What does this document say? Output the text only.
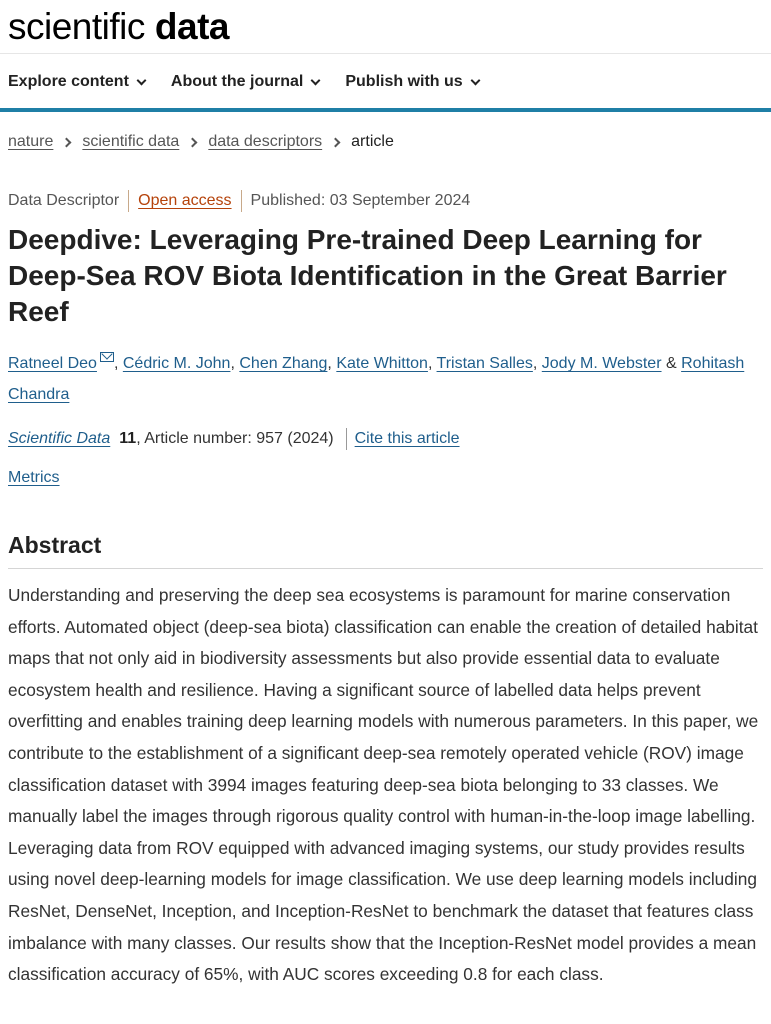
scientific data
Explore content	About the journal	Publish with us
nature scientific data data descriptors article
Data Descriptor Open access Published: 03 September 2024
Deepdive: Leveraging Pre-trained Deep Learning for Deep-Sea ROV Biota Identification in the Great Barrier Reef
Ratneel Deo , Cédric M. John, Chen Zhang, Kate Whitton, Tristan Salles, Jody M. Webster & Rohitash Chandra
Scientific Data 11 , Article number: 957 (2024) Cite this article
Metrics
Abstract

Understanding and preserving the deep sea ecosystems is paramount for marine conservation efforts. Automated object (deep-sea biota) classification can enable the creation of detailed habitat maps that not only aid in biodiversity assessments but also provide essential data to evaluate ecosystem health and resilience. Having a significant source of labelled data helps prevent overfitting and enables training deep learning models with numerous parameters. In this paper, we contribute to the establishment of a significant deep-sea remotely operated vehicle (ROV) image classification dataset with 3994 images featuring deep-sea biota belonging to 33 classes. We manually label the images through rigorous quality control with human-in-the-loop image labelling. Leveraging data from ROV equipped with advanced imaging systems, our study provides results using novel deep-learning models for image classification. We use deep learning models including ResNet, DenseNet, Inception, and Inception-ResNet to benchmark the dataset that features class imbalance with many classes. Our results show that the Inception-ResNet model provides a mean classification accuracy of 65%, with AUC scores exceeding 0.8 for each class.
